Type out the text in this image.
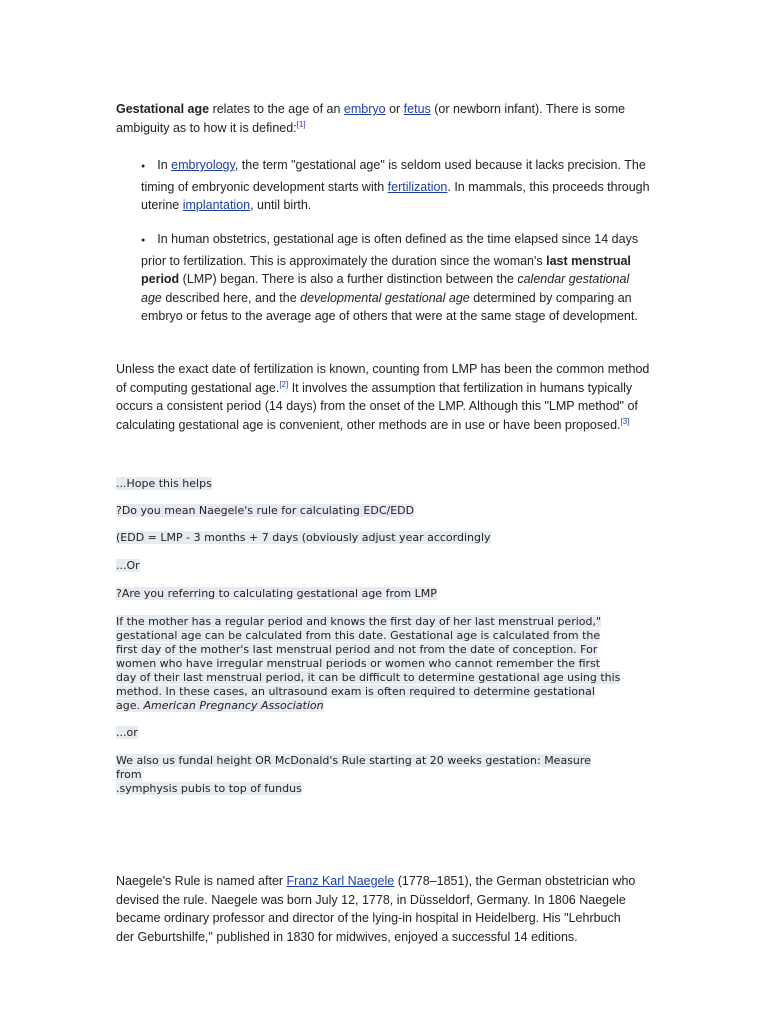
Gestational age relates to the age of an embryo or fetus (or newborn infant). There is some ambiguity as to how it is defined:[1]
● In embryology, the term "gestational age" is seldom used because it lacks precision. The timing of embryonic development starts with fertilization. In mammals, this proceeds through uterine implantation, until birth.
● In human obstetrics, gestational age is often defined as the time elapsed since 14 days prior to fertilization. This is approximately the duration since the woman's last menstrual period (LMP) began. There is also a further distinction between the calendar gestational age described here, and the developmental gestational age determined by comparing an embryo or fetus to the average age of others that were at the same stage of development.
Unless the exact date of fertilization is known, counting from LMP has been the common method of computing gestational age.[2] It involves the assumption that fertilization in humans typically occurs a consistent period (14 days) from the onset of the LMP. Although this "LMP method" of calculating gestational age is convenient, other methods are in use or have been proposed.[3]
...Hope this helps
?Do you mean Naegele's rule for calculating EDC/EDD
(EDD = LMP - 3 months + 7 days (obviously adjust year accordingly
...Or
?Are you referring to calculating gestational age from LMP
If the mother has a regular period and knows the first day of her last menstrual period,"
gestational age can be calculated from this date. Gestational age is calculated from the
first day of the mother's last menstrual period and not from the date of conception. For
women who have irregular menstrual periods or women who cannot remember the first
day of their last menstrual period, it can be difficult to determine gestational age using this
method. In these cases, an ultrasound exam is often required to determine gestational
age. American Pregnancy Association
...or
We also us fundal height OR McDonald's Rule starting at 20 weeks gestation: Measure
from
.symphysis pubis to top of fundus
Naegele's Rule is named after Franz Karl Naegele (1778–1851), the German obstetrician who devised the rule. Naegele was born July 12, 1778, in Düsseldorf, Germany. In 1806 Naegele became ordinary professor and director of the lying-in hospital in Heidelberg. His "Lehrbuch der Geburtshilfe," published in 1830 for midwives, enjoyed a successful 14 editions.
